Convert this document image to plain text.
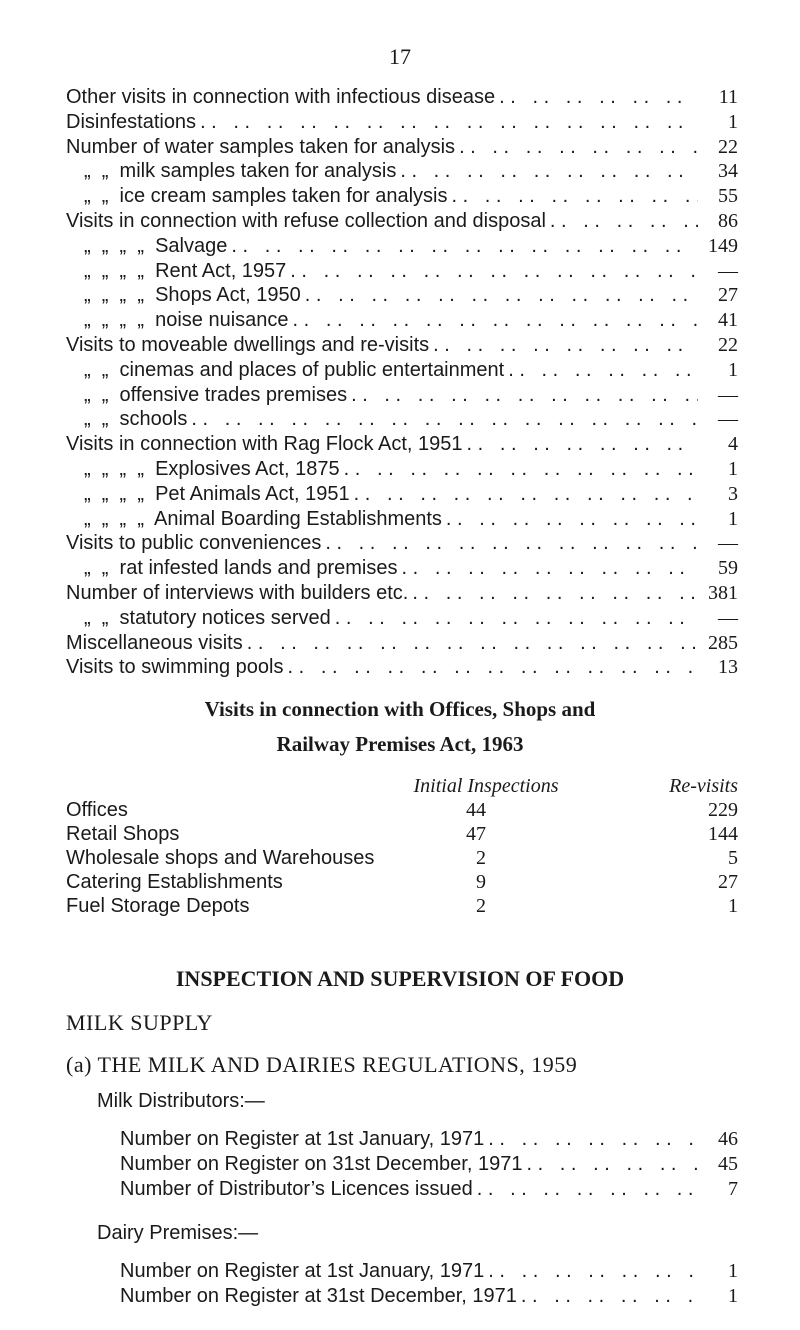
17
Other visits in connection with infectious disease . .	11
Disinfestations . .	1
Number of water samples taken for analysis . .	22
„  „  milk samples taken for analysis . .	34
„  „  ice cream samples taken for analysis . .	55
Visits in connection with refuse collection and disposal . .	86
„  „  „  „  Salvage . .	149
„  „  „  „  Rent Act, 1957 . .	—
„  „  „  „  Shops Act, 1950 . .	27
„  „  „  „  noise nuisance . .	41
Visits to moveable dwellings and re-visits . .	22
„  „  cinemas and places of public entertainment . .	1
„  „  offensive trades premises . .	—
„  „  schools . .	—
Visits in connection with Rag Flock Act, 1951 . .	4
„  „  „  „  Explosives Act, 1875 . .	1
„  „  „  „  Pet Animals Act, 1951 . .	3
„  „  „  „  Animal Boarding Establishments . .	1
Visits to public conveniences . .	—
„  „  rat infested lands and premises . .	59
Number of interviews with builders etc. . .	381
„  „  statutory notices served . .	—
Miscellaneous visits . .	285
Visits to swimming pools . .	13
Visits in connection with Offices, Shops and
Railway Premises Act, 1963
Initial Inspections	Re-visits
Offices	44	229
Retail Shops	47	144
Wholesale shops and Warehouses	2	5
Catering Establishments	9	27
Fuel Storage Depots	2	1
INSPECTION AND SUPERVISION OF FOOD
MILK SUPPLY
(a) THE MILK AND DAIRIES REGULATIONS, 1959
Milk Distributors:—
Number on Register at 1st January, 1971 . .	46
Number on Register on 31st December, 1971 . .	45
Number of Distributor’s Licences issued . .	7
Dairy Premises:—
Number on Register at 1st January, 1971 . .	1
Number on Register at 31st December, 1971 . .	1
